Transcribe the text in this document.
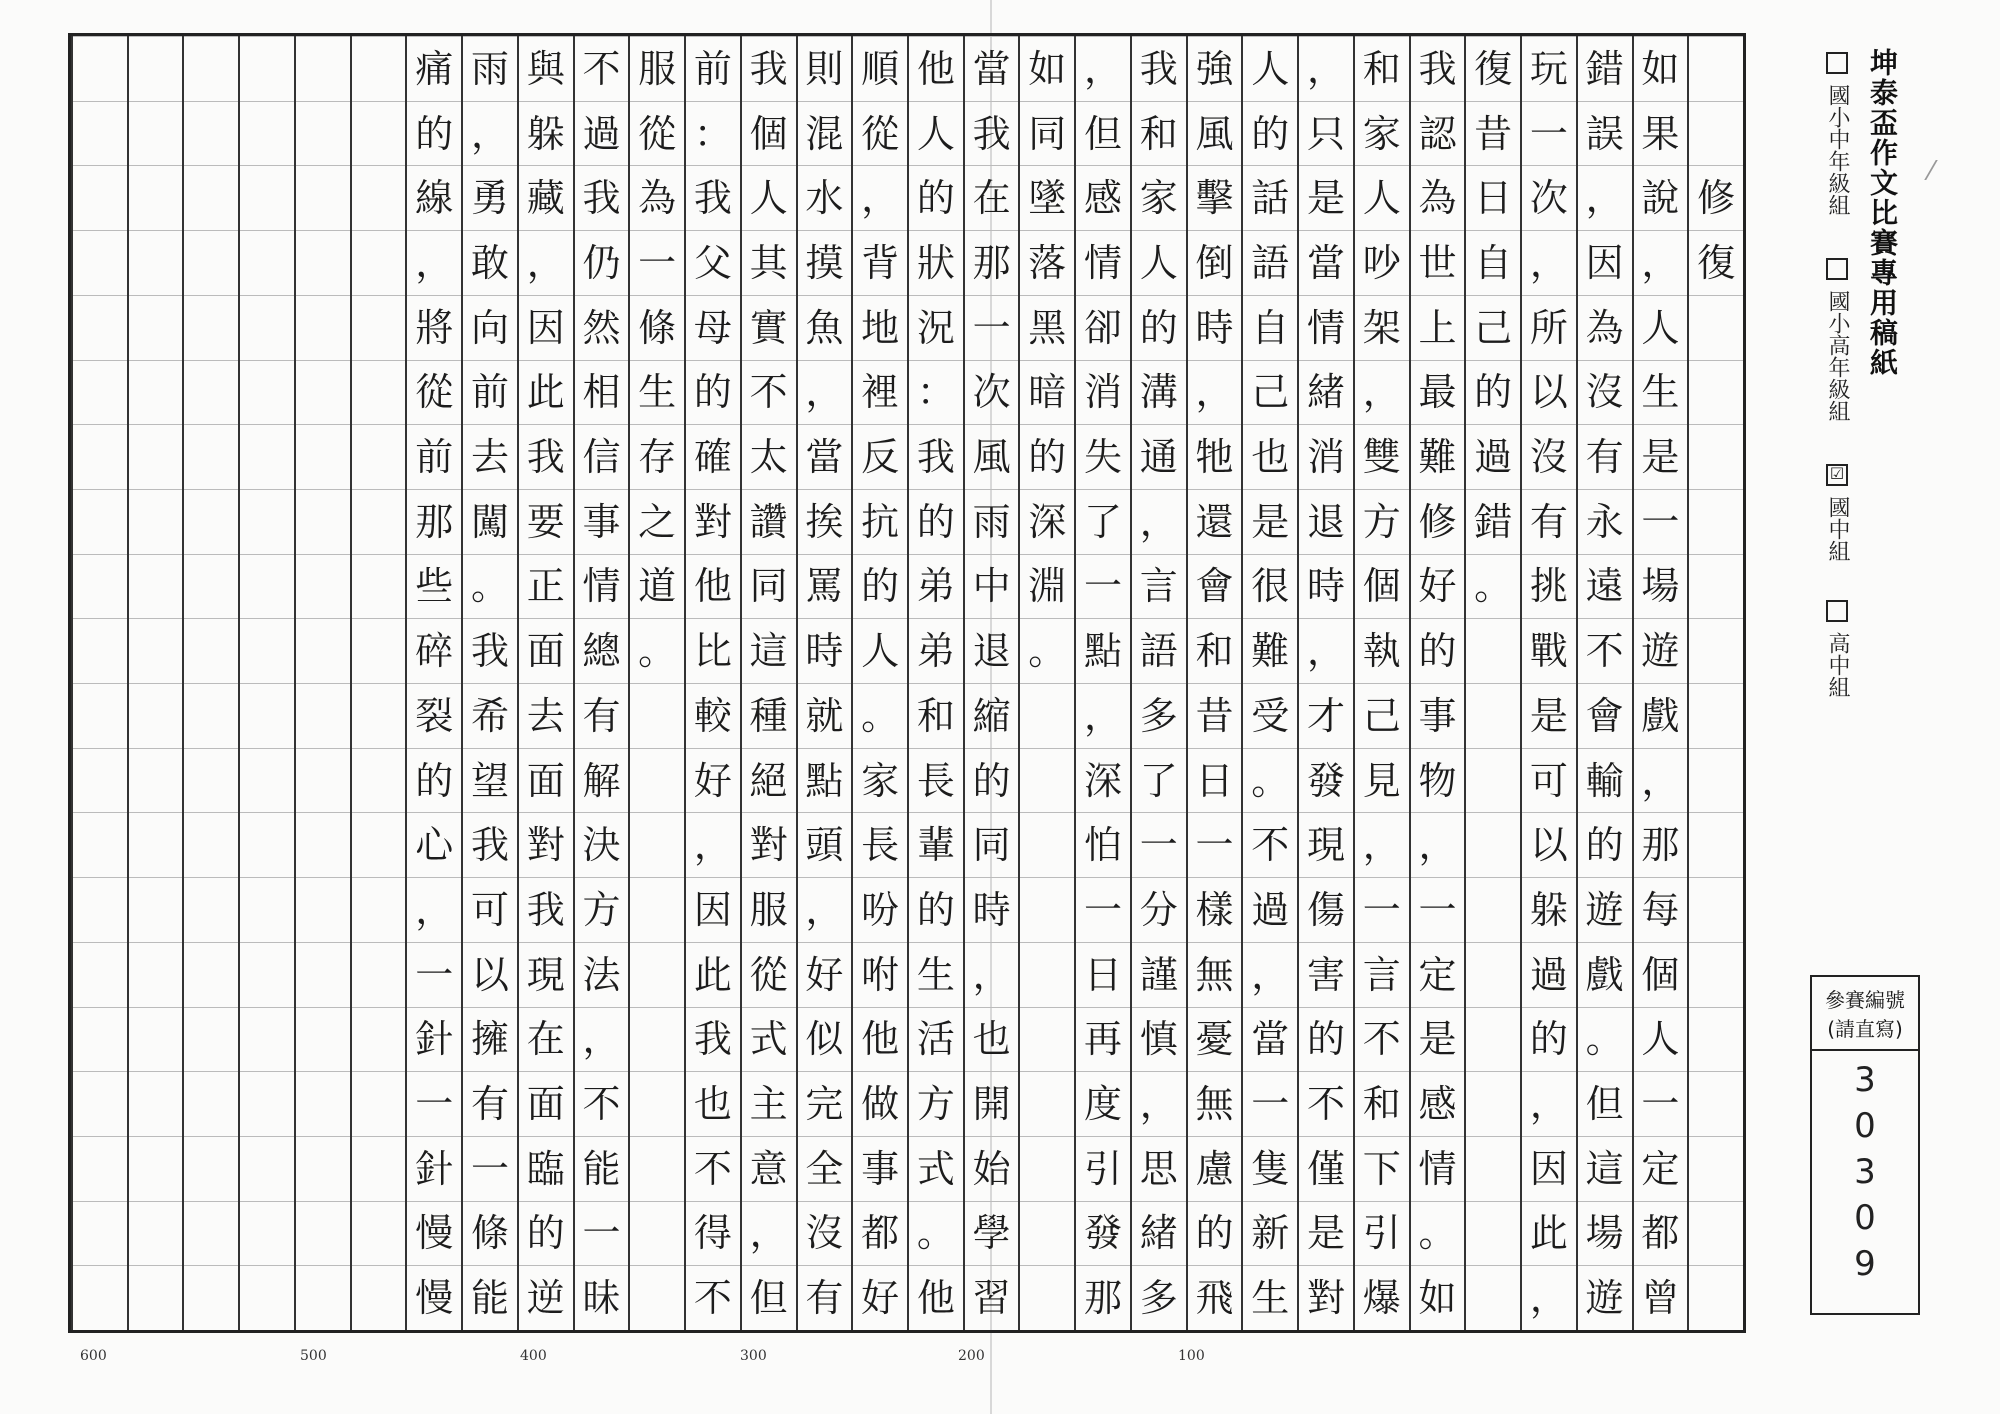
修
復
如
果
說
，
人
生
是
一
場
遊
戲
，
那
每
個
人
一
定
都
曾
錯
誤
，
因
為
沒
有
永
遠
不
會
輸
的
遊
戲
。
但
這
場
遊
玩
一
次
，
所
以
沒
有
挑
戰
是
可
以
躲
過
的
，
因
此
，
復
昔
日
自
己
的
過
錯
。
我
認
為
世
上
最
難
修
好
的
事
物
，
一
定
是
感
情
。
如
和
家
人
吵
架
，
雙
方
個
執
己
見
，
一
言
不
和
下
引
爆
，
只
是
當
情
緒
消
退
時
，
才
發
現
傷
害
的
不
僅
是
對
人
的
話
語
自
己
也
是
很
難
受
。
不
過
，
當
一
隻
新
生
強
風
擊
倒
時
，
牠
還
會
和
昔
日
一
樣
無
憂
無
慮
的
飛
我
和
家
人
的
溝
通
，
言
語
多
了
一
分
謹
慎
，
思
緒
多
，
但
感
情
卻
消
失
了
一
點
，
深
怕
一
日
再
度
引
發
那
如
同
墜
落
黑
暗
的
深
淵
。
當
我
在
那
一
次
風
雨
中
退
縮
的
同
時
，
也
開
始
學
習
他
人
的
狀
況
：
我
的
弟
弟
和
長
輩
的
生
活
方
式
。
他
順
從
，
背
地
裡
反
抗
的
人
。
家
長
吩
咐
他
做
事
都
好
則
混
水
摸
魚
，
當
挨
罵
時
就
點
頭
，
好
似
完
全
沒
有
我
個
人
其
實
不
太
讚
同
這
種
絕
對
服
從
式
主
意
，
但
前
：
我
父
母
的
確
對
他
比
較
好
，
因
此
我
也
不
得
不
服
從
為
一
條
生
存
之
道
。
不
過
我
仍
然
相
信
事
情
總
有
解
決
方
法
，
不
能
一
昧
與
躲
藏
，
因
此
我
要
正
面
去
面
對
我
現
在
面
臨
的
逆
雨
，
勇
敢
向
前
去
闖
。
我
希
望
我
可
以
擁
有
一
條
能
痛
的
線
，
將
從
前
那
些
碎
裂
的
心
，
一
針
一
針
慢
慢
600	500	400	300	200	100
坤泰盃作文比賽專用稿紙
國小中年級組
國小高年級組
☑國中組
高中組
參賽編號
(請直寫)
3
0
3
0
9
